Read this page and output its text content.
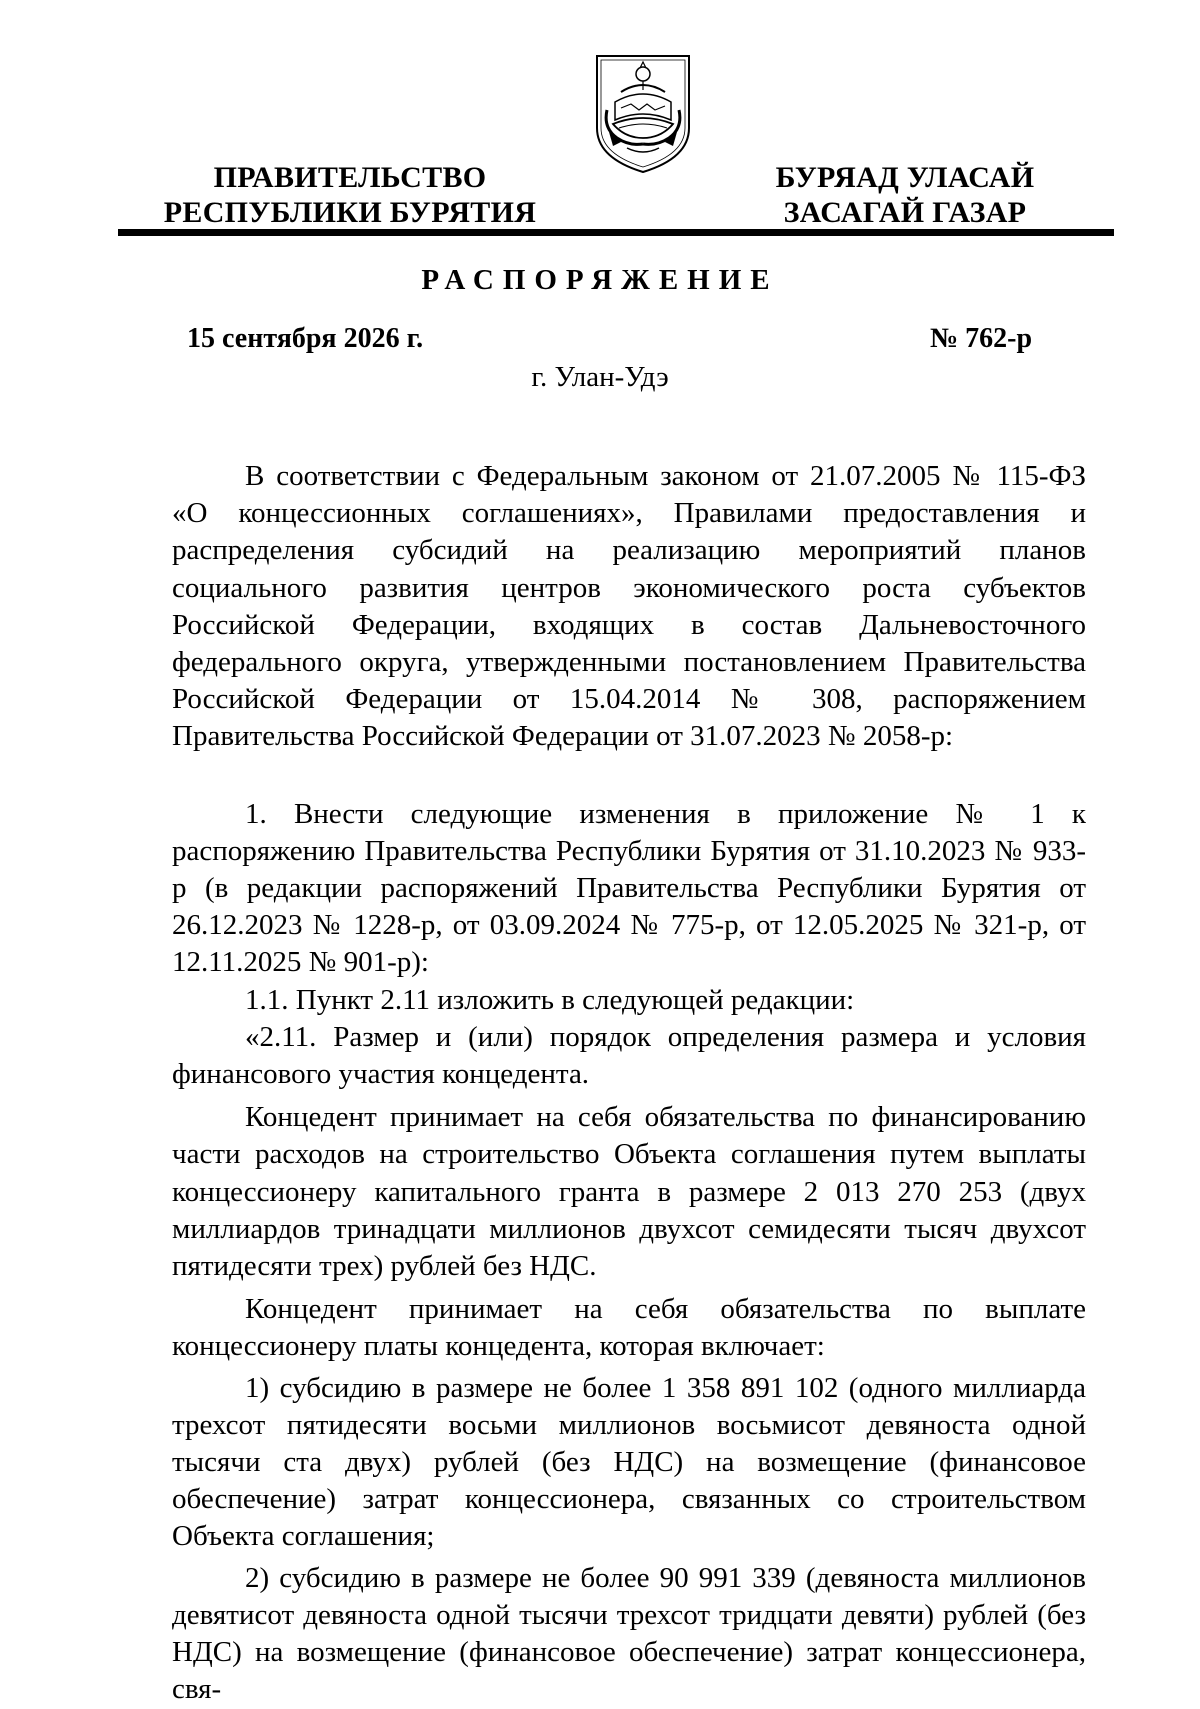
ПРАВИТЕЛЬСТВО
РЕСПУБЛИКИ БУРЯТИЯ
БУРЯАД УЛАСАЙ
ЗАСАГАЙ ГАЗАР
РАСПОРЯЖЕНИЕ
15 сентября 2026 г.	№ 762-р
г. Улан-Удэ

В соответствии с Федеральным законом от 21.07.2005 № 115-ФЗ «О концессионных соглашениях», Правилами предоставления и распределения субсидий на реализацию мероприятий планов социального развития центров экономического роста субъектов Российской Федерации, входящих в состав Дальневосточного федерального округа, утвержденными постановлением Правительства Российской Федерации от 15.04.2014 № 308, распоряжением Правительства Российской Федерации от 31.07.2023 № 2058-р:

1. Внести следующие изменения в приложение № 1 к распоряжению Правительства Республики Бурятия от 31.10.2023 № 933-р (в редакции распоряжений Правительства Республики Бурятия от 26.12.2023 № 1228-р, от 03.09.2024 № 775-р, от 12.05.2025 № 321-р, от 12.11.2025 № 901-р):

1.1. Пункт 2.11 изложить в следующей редакции:

«2.11. Размер и (или) порядок определения размера и условия финансового участия концедента.

Концедент принимает на себя обязательства по финансированию части расходов на строительство Объекта соглашения путем выплаты концессионеру капитального гранта в размере 2 013 270 253 (двух миллиардов тринадцати миллионов двухсот семидесяти тысяч двухсот пятидесяти трех) рублей без НДС.

Концедент принимает на себя обязательства по выплате концессионеру платы концедента, которая включает:

1) субсидию в размере не более 1 358 891 102 (одного миллиарда трехсот пятидесяти восьми миллионов восьмисот девяноста одной тысячи ста двух) рублей (без НДС) на возмещение (финансовое обеспечение) затрат концессионера, связанных со строительством Объекта соглашения;

2) субсидию в размере не более 90 991 339 (девяноста миллионов девятисот девяноста одной тысячи трехсот тридцати девяти) рублей (без НДС) на возмещение (финансовое обеспечение) затрат концессионера, свя-
